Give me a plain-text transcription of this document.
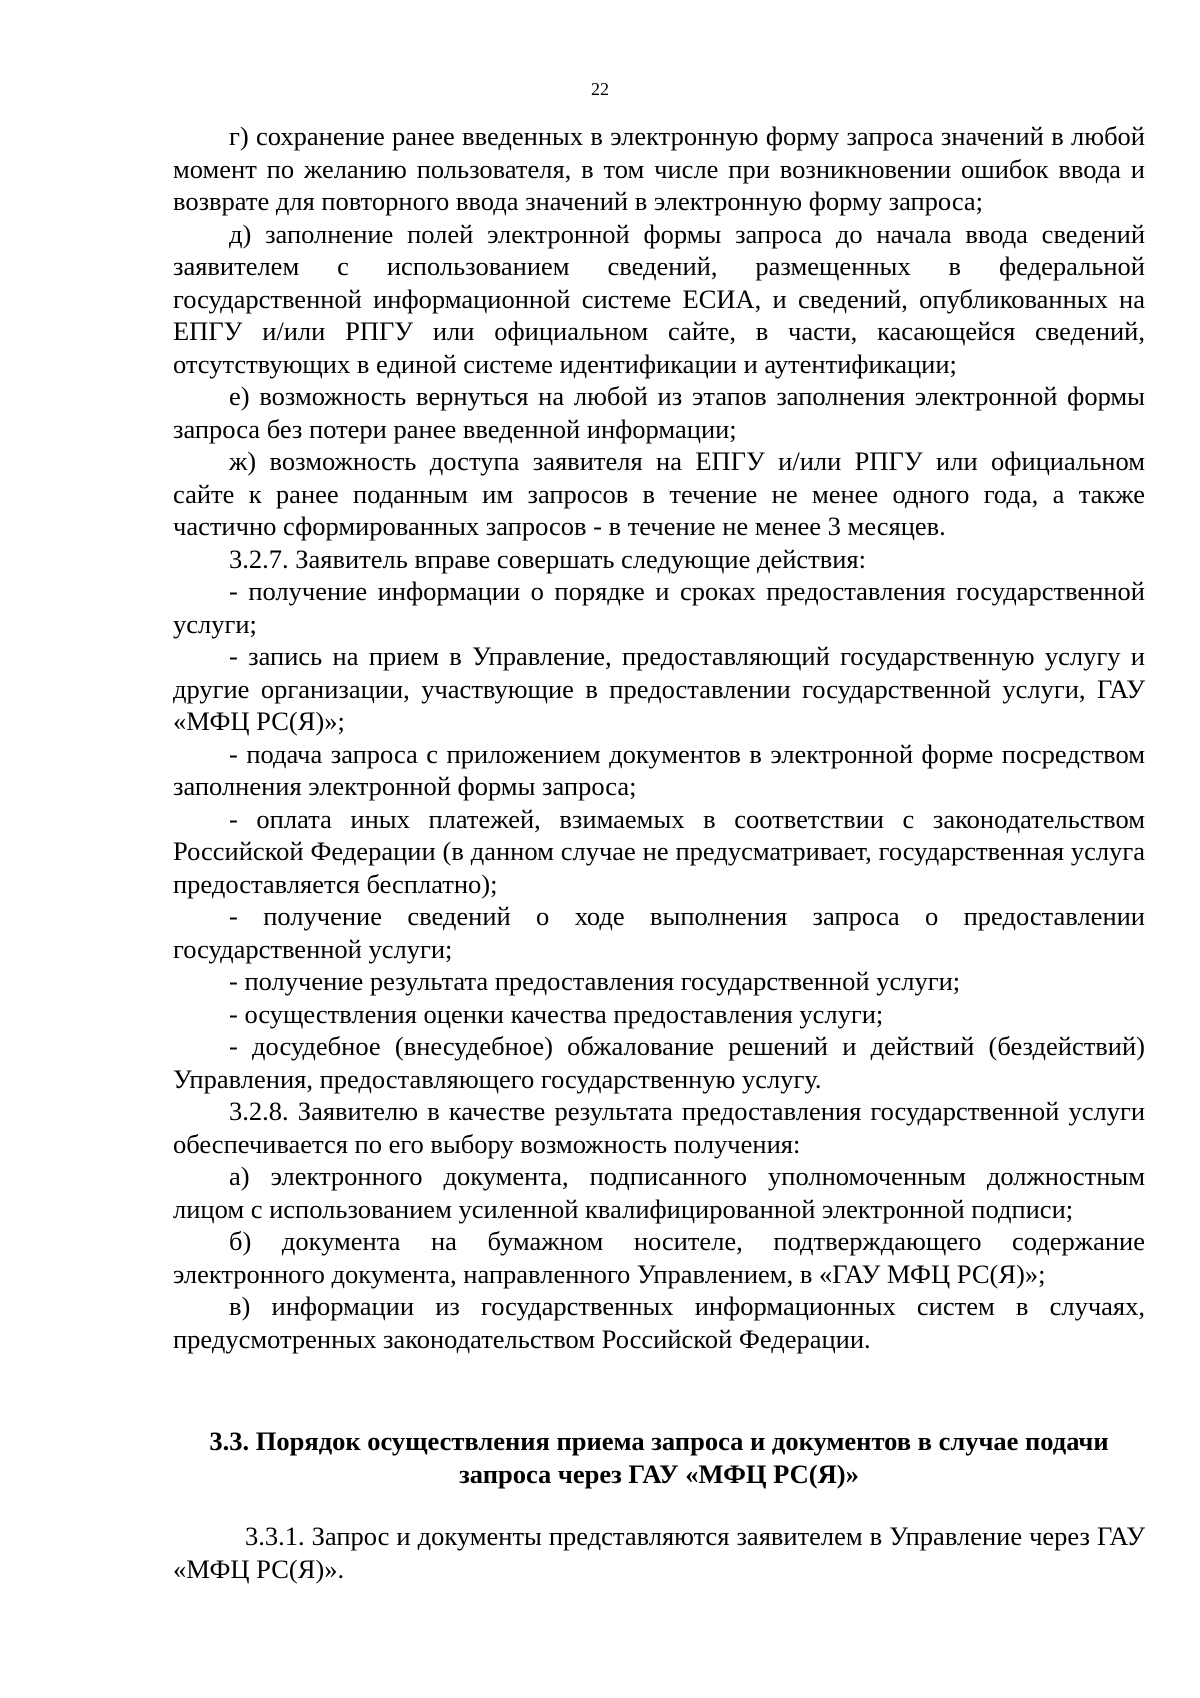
22

г) сохранение ранее введенных в электронную форму запроса значений в любой момент по желанию пользователя, в том числе при возникновении ошибок ввода и возврате для повторного ввода значений в электронную форму запроса;

д) заполнение полей электронной формы запроса до начала ввода сведений заявителем с использованием сведений, размещенных в федеральной государственной информационной системе ЕСИА, и сведений, опубликованных на ЕПГУ и/или РПГУ или официальном сайте, в части, касающейся сведений, отсутствующих в единой системе идентификации и аутентификации;

е) возможность вернуться на любой из этапов заполнения электронной формы запроса без потери ранее введенной информации;

ж) возможность доступа заявителя на ЕПГУ и/или РПГУ или официальном сайте к ранее поданным им запросов в течение не менее одного года, а также частично сформированных запросов - в течение не менее 3 месяцев.

3.2.7. Заявитель вправе совершать следующие действия:

- получение информации о порядке и сроках предоставления государственной услуги;

- запись на прием в Управление, предоставляющий государственную услугу и другие организации, участвующие в предоставлении государственной услуги, ГАУ «МФЦ РС(Я)»;

- подача запроса с приложением документов в электронной форме посредством заполнения электронной формы запроса;

- оплата иных платежей, взимаемых в соответствии с законодательством Российской Федерации (в данном случае не предусматривает, государственная услуга предоставляется бесплатно);

- получение сведений о ходе выполнения запроса о предоставлении государственной услуги;

- получение результата предоставления государственной услуги;

- осуществления оценки качества предоставления услуги;

- досудебное (внесудебное) обжалование решений и действий (бездействий) Управления, предоставляющего государственную услугу.

3.2.8. Заявителю в качестве результата предоставления государственной услуги обеспечивается по его выбору возможность получения:

а) электронного документа, подписанного уполномоченным должностным лицом с использованием усиленной квалифицированной электронной подписи;

б) документа на бумажном носителе, подтверждающего содержание электронного документа, направленного Управлением, в «ГАУ МФЦ РС(Я)»;

в) информации из государственных информационных систем в случаях, предусмотренных законодательством Российской Федерации.

3.3. Порядок осуществления приема запроса и документов в случае подачи запроса через ГАУ «МФЦ РС(Я)»

3.3.1. Запрос и документы представляются заявителем в Управление через ГАУ «МФЦ РС(Я)».
